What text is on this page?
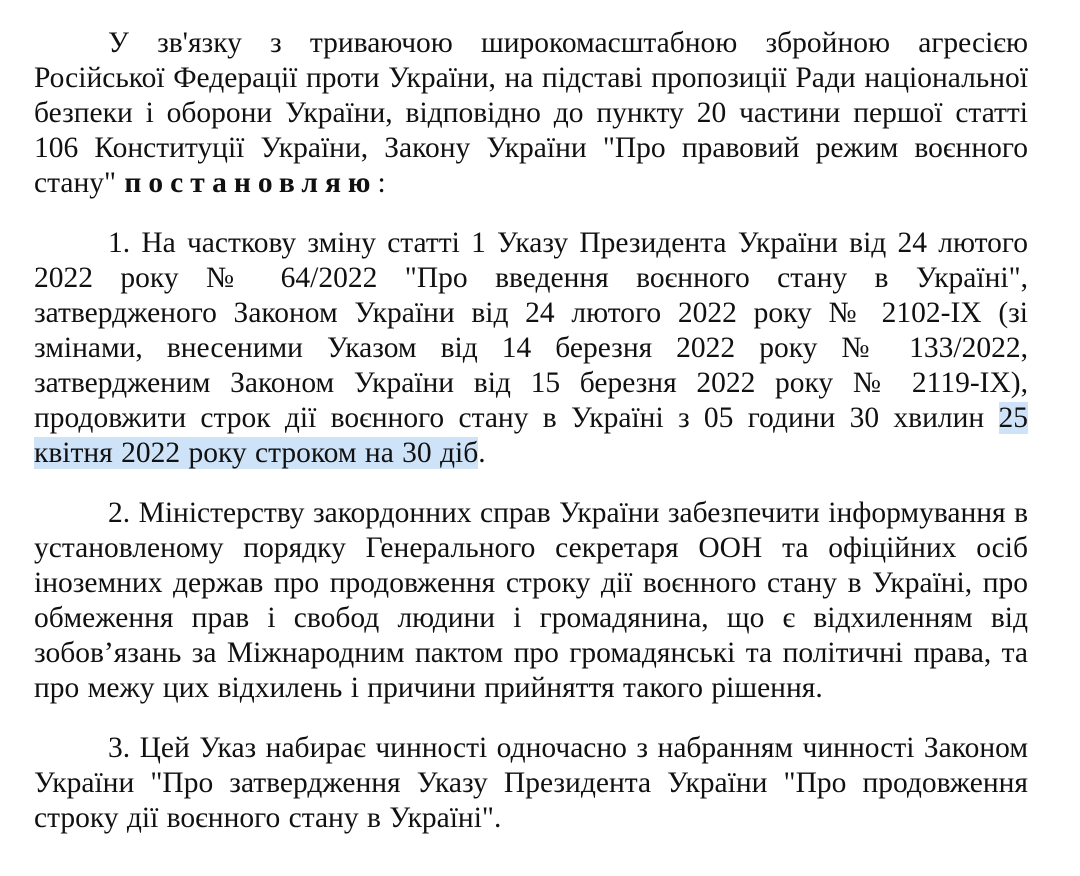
У зв'язку з триваючою широкомасштабною збройною агресією Російської Федерації проти України, на підставі пропозиції Ради національної безпеки і оборони України, відповідно до пункту 20 частини першої статті 106 Конституції України, Закону України "Про правовий режим воєнного стану" постановляю:

1. На часткову зміну статті 1 Указу Президента України від 24 лютого 2022 року № 64/2022 "Про введення воєнного стану в Україні", затвердженого Законом України від 24 лютого 2022 року № 2102-IX (зі змінами, внесеними Указом від 14 березня 2022 року № 133/2022, затвердженим Законом України від 15 березня 2022 року № 2119-IX), продовжити строк дії воєнного стану в Україні з 05 години 30 хвилин 25 квітня 2022 року строком на 30 діб.

2. Міністерству закордонних справ України забезпечити інформування в установленому порядку Генерального секретаря ООН та офіційних осіб іноземних держав про продовження строку дії воєнного стану в Україні, про обмеження прав і свобод людини і громадянина, що є відхиленням від зобов’язань за Міжнародним пактом про громадянські та політичні права, та про межу цих відхилень і причини прийняття такого рішення.

3. Цей Указ набирає чинності одночасно з набранням чинності Законом України "Про затвердження Указу Президента України "Про продовження строку дії воєнного стану в Україні".
